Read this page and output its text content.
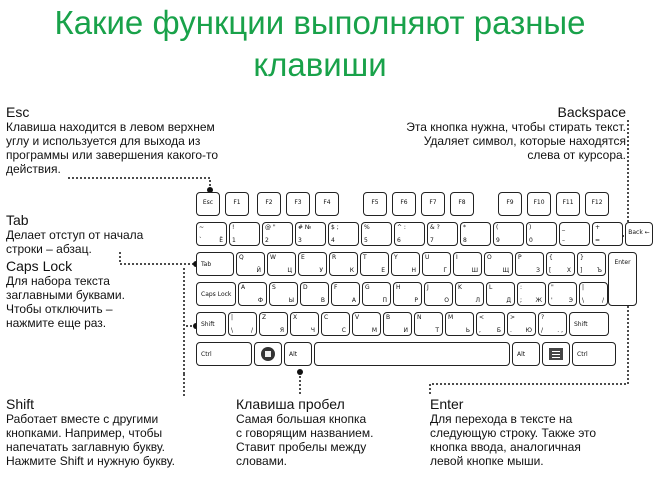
Какие функции выполняют разные клавиши
Esc
Клавиша находится в левом верхнем
углу и используется для выхода из
программы или завершения какого-то
действия.
Backspace
Эта кнопка нужна, чтобы стирать текст.
Удаляет символ, которые находятся
слева от курсора.
Tab
Делает отступ от начала
строки – абзац.
Caps Lock
Для набора текста
заглавными буквами.
Чтобы отключить –
нажмите еще раз.
Shift
Работает вместе с другими
кнопками. Например, чтобы
напечатать заглавную букву.
Нажмите Shift и нужную букву.
Клавиша пробел
Самая большая кнопка
с говорящим названием.
Ставит пробелы между
словами.
Enter
Для перехода в тексте на
следующую строку. Также это
кнопка ввода, аналогичная
левой кнопке мыши.
Esc	F1	F2	F3	F4	F5	F6	F7	F8	F9	F10	F11	F12
~
`	Ё
!
1
@ "
2
# №
3
$ ;
4
%
5
^ :
6
& ?
7
*
8
(
9
)
0
_
–
+
=
Back ←
Tab
Q
Й
W
Ц
E
У
R
К
T
Е
Y
Н
U
Г
I
Ш
O
Щ
P
З
{
[	Х
}
] Ъ
Enter
Caps Lock
A
Ф
S
Ы
D
В
F
А
G
П
H
Р
J
О
K
Л
L
Д
:
; Ж
"
'	Э
|
\	/
Shift
|
\	/
Z
Я
X
Ч
C
С
V
М
B
И
N
Т
M
Ь
<
,	Б
>
. Ю
?
/ . ,
Shift
Ctrl	Alt	Alt	Ctrl
